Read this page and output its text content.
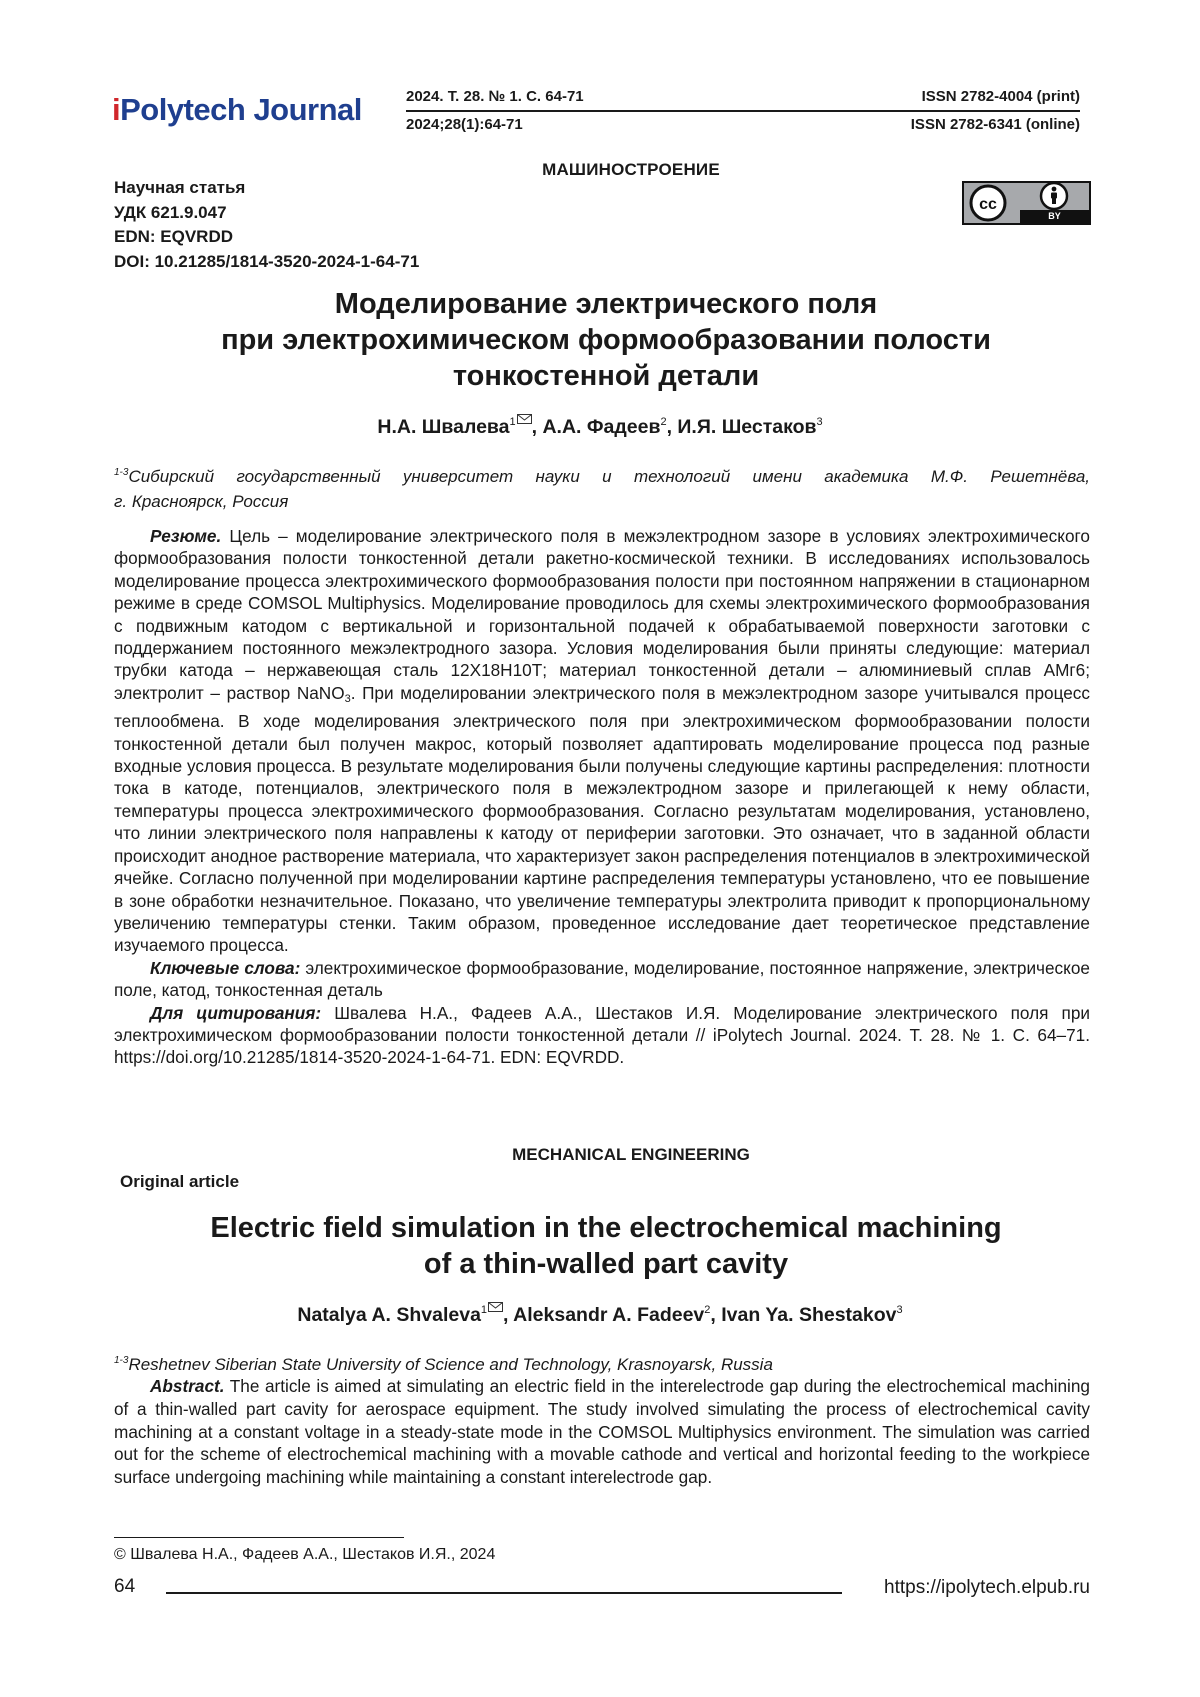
iPolytech Journal	2024. Т. 28. № 1. С. 64-71	ISSN 2782-4004 (print)
2024;28(1):64-71	ISSN 2782-6341 (online)
МАШИНОСТРОЕНИЕ
Научная статья
УДК 621.9.047
EDN: EQVRDD
DOI: 10.21285/1814-3520-2024-1-64-71
cc
BY
Моделирование электрического поля
при электрохимическом формообразовании полости
тонкостенной детали
Н.А. Швалева$^1$ , А.А. Фадеев$^2$, И.Я. Шестаков$^3$
$^{1-3}$Сибирский государственный университет науки и технологий имени академика М.Ф. Решетнёва,
г. Красноярск, Россия

Резюме. Цель – моделирование электрического поля в межэлектродном зазоре в условиях электрохимического формообразования полости тонкостенной детали ракетно-космической техники. В исследованиях использовалось моделирование процесса электрохимического формообразования полости при постоянном напряжении в стационарном режиме в среде COMSOL Multiphysics. Моделирование проводилось для схемы электрохимического формообразования с подвижным катодом с вертикальной и горизонтальной подачей к обрабатываемой поверхности заготовки с поддержанием постоянного межэлектродного зазора. Условия моделирования были приняты следующие: материал трубки катода – нержавеющая сталь 12Х18Н10Т; материал тонкостенной детали – алюминиевый сплав АМг6; электролит – раствор NaNO$_3$. При моделировании электрического поля в межэлектродном зазоре учитывался процесс теплообмена. В ходе моделирования электрического поля при электрохимическом формообразовании полости тонкостенной детали был получен макрос, который позволяет адаптировать моделирование процесса под разные входные условия процесса. В результате моделирования были получены следующие картины распределения: плотности тока в катоде, потенциалов, электрического поля в межэлектродном зазоре и прилегающей к нему области, температуры процесса электрохимического формообразования. Согласно результатам моделирования, установлено, что линии электрического поля направлены к катоду от периферии заготовки. Это означает, что в заданной области происходит анодное растворение материала, что характеризует закон распределения потенциалов в электрохимической ячейке. Согласно полученной при моделировании картине распределения температуры установлено, что ее повышение в зоне обработки незначительное. Показано, что увеличение температуры электролита приводит к пропорциональному увеличению температуры стенки. Таким образом, проведенное исследование дает теоретическое представление изучаемого процесса.

Ключевые слова: электрохимическое формообразование, моделирование, постоянное напряжение, электрическое поле, катод, тонкостенная деталь

Для цитирования: Швалева Н.А., Фадеев А.А., Шестаков И.Я. Моделирование электрического поля при электрохимическом формообразовании полости тонкостенной детали // iPolytech Journal. 2024. Т. 28. № 1. С. 64–71. https://doi.org/10.21285/1814-3520-2024-1-64-71. EDN: EQVRDD.

MECHANICAL ENGINEERING
Original article
Electric field simulation in the electrochemical machining
of a thin-walled part cavity
Natalya A. Shvaleva$^1$ , Aleksandr A. Fadeev$^2$, Ivan Ya. Shestakov$^3$
$^{1-3}$Reshetnev Siberian State University of Science and Technology, Krasnoyarsk, Russia

Abstract. The article is aimed at simulating an electric field in the interelectrode gap during the electrochemical machining of a thin-walled part cavity for aerospace equipment. The study involved simulating the process of electrochemical cavity machining at a constant voltage in a steady-state mode in the COMSOL Multiphysics environment. The simulation was carried out for the scheme of electrochemical machining with a movable cathode and vertical and horizontal feeding to the workpiece surface undergoing machining while maintaining a constant interelectrode gap.

© Швалева Н.А., Фадеев А.А., Шестаков И.Я., 2024
64	https://ipolytech.elpub.ru
